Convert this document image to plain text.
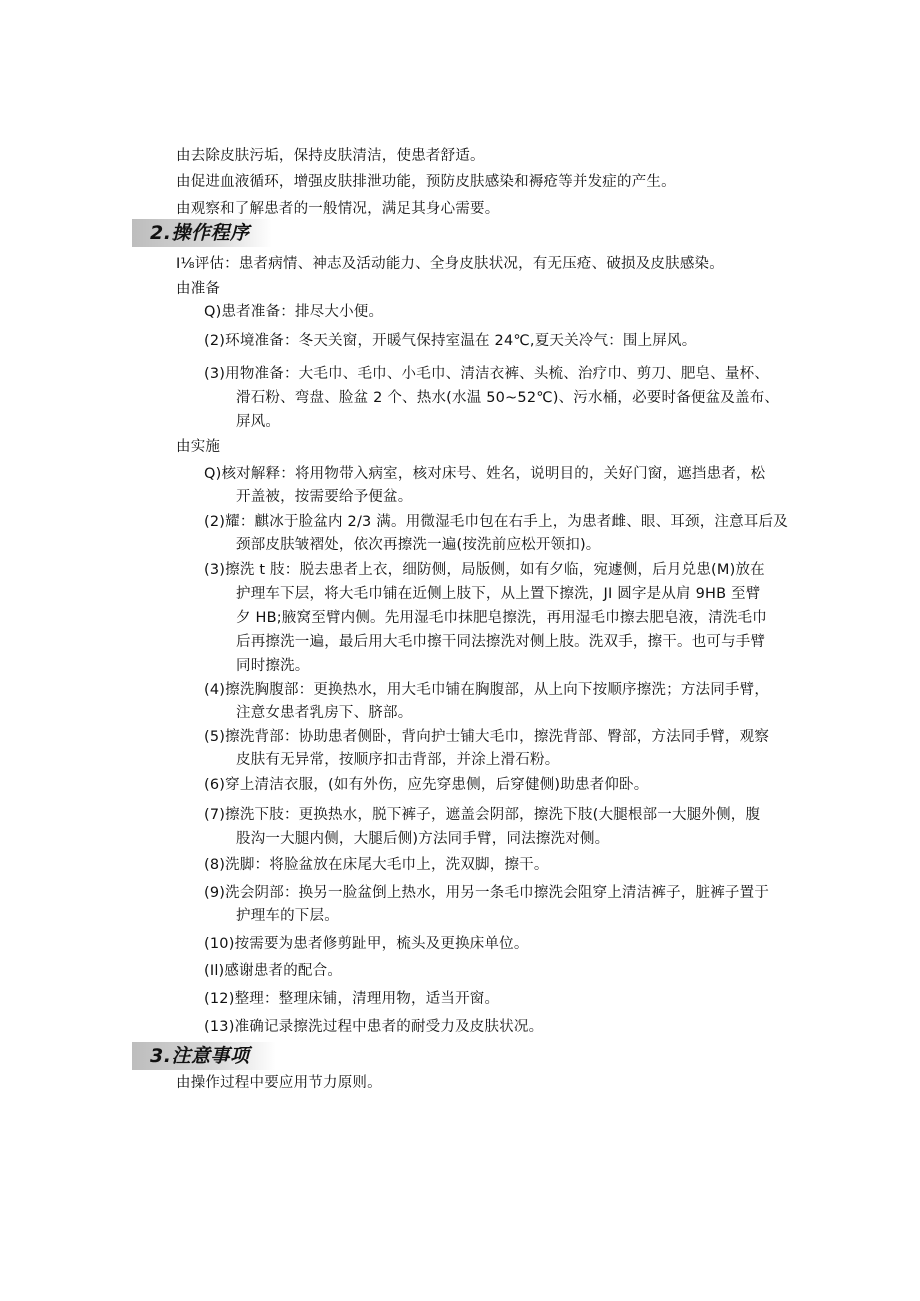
由去除皮肤污垢，保持皮肤清洁，使患者舒适。
由促进血液循环，增强皮肤排泄功能，预防皮肤感染和褥疮等并发症的产生。
由观察和了解患者的一般情况，满足其身心需要。
2.操作程序
I⅛评估：患者病情、神志及活动能力、全身皮肤状况，有无压疮、破损及皮肤感染。
由准备
Q)患者准备：排尽大小便。
(2)环境准备：冬天关窗，开暖气保持室温在 24℃,夏天关冷气：围上屏风。
(3)用物准备：大毛巾、毛巾、小毛巾、清洁衣裤、头梳、治疗巾、剪刀、肥皂、量杯、
滑石粉、弯盘、脸盆 2 个、热水(水温 50~52℃)、污水桶，必要时备便盆及盖布、
屏风。
由实施
Q)核对解释：将用物带入病室，核对床号、姓名，说明目的，关好门窗，遮挡患者，松
开盖被，按需要给予便盆。
(2)耀：麒冰于脸盆内 2/3 满。用微湿毛巾包在右手上，为患者雌、眼、耳颈，注意耳后及
颈部皮肤皱褶处，依次再擦洗一遍(按洗前应松开领扣)。
(3)擦洗 t 肢：脱去患者上衣，细防侧，局版侧，如有夕临，宛遽侧，后月兑患(M)放在
护理车下层，将大毛巾铺在近侧上肢下，从上置下擦洗，JI 圆字是从肩 9HB 至臂
夕 HB;腋窝至臂内侧。先用湿毛巾抹肥皂擦洗，再用湿毛巾擦去肥皂液，清洗毛巾
后再擦洗一遍，最后用大毛巾擦干同法擦洗对侧上肢。洗双手，擦干。也可与手臂
同时擦洗。
(4)擦洗胸腹部：更换热水，用大毛巾铺在胸腹部，从上向下按顺序擦洗；方法同手臂，
注意女患者乳房下、脐部。
(5)擦洗背部：协助患者侧卧，背向护士铺大毛巾，擦洗背部、臀部，方法同手臂，观察
皮肤有无异常，按顺序扣击背部，并涂上滑石粉。
(6)穿上清洁衣服，(如有外伤，应先穿患侧，后穿健侧)助患者仰卧。
(7)擦洗下肢：更换热水，脱下裤子，遮盖会阴部，擦洗下肢(大腿根部一大腿外侧，腹
股沟一大腿内侧，大腿后侧)方法同手臂，同法擦洗对侧。
(8)洗脚：将脸盆放在床尾大毛巾上，洗双脚，擦干。
(9)洗会阴部：换另一脸盆倒上热水，用另一条毛巾擦洗会阻穿上清洁裤子，脏裤子置于
护理车的下层。
(10)按需要为患者修剪趾甲，梳头及更换床单位。
(Il)感谢患者的配合。
(12)整理：整理床铺，清理用物，适当开窗。
(13)准确记录擦洗过程中患者的耐受力及皮肤状况。
3.注意事项
由操作过程中要应用节力原则。
